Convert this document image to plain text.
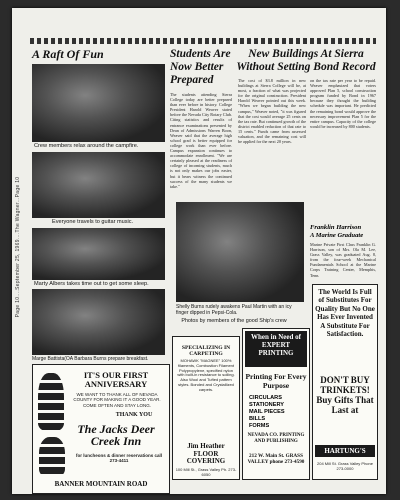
Page 10....September 25, 1969....The Wagner...Page 10
A Raft Of Fun
Crew members relax around the campfire.
Everyone travels to guitar music.
Marty Albers takes time out to get some sleep.
Marge Battista(OA Barbara Burns prepare breakfast.
Students Are Now Better Prepared
The students attending Sierra College today are better prepared than ever before in history. College President Harold Weaver stated before the Nevada City Rotary Club. Citing statistics and results of entrance examinations presented by Dean of Admissions Warren Boon, Weaver said that the average high school grad is better equipped for college work than ever before. Campus expansion continues to accommodate enrollment. "We are certainly pleased at the readiness of college of incoming students, much is not only makes our jobs easier, but it bears witness the continued success of the many students we take."
New Buildings At Sierra Without Setting Bond Record
The cost of $3.8 million in new buildings at Sierra College will be, at most, a fraction of what was projected for the original construction. President Harold Weaver pointed out this week. "When we began building the new campus," Weaver noted, "it was figured that the cost would average 25 cents on the tax rate. But continued growth of the district enabled reduction of that rate to 15 cents." Funds came from assessed valuation, and the remaining cost will be applied for the next 20 years.
on the tax rate per year to be repaid. Weaver emphasized that voters approved Plan 5, school construction program funded by Bond in 1967 because they thought the building schedule was important. He predicted the remaining bond would approve the necessary improvement Plan 5 for the entire campus. Capacity of the college would be increased by 800 students.
Shelly Burns rudely awakens Paul Martin with an icy finger dipped in Pepsi-Cola.
Photos by members of the good Ship's crew
Franklin Harrison
A Marine Graduate
Marine Private First Class Franklin G. Harrison, son of Mrs. Ola M. Lee, Grass Valley, was graduated Aug. 8, from the four-week Mechanical Fundamentals School at the Marine Corps Training Center, Memphis, Tenn.
IT'S OUR FIRST ANNIVERSARY
WE WANT TO THANK ALL OF NEVADA COUNTY FOR MAKING IT A GOOD YEAR. COME OFTEN AND STAY LONG.
THANK YOU
The Jacks Deer Creek Inn
for luncheons & dinner reservations call 273-4411
BANNER MOUNTAIN ROAD
SPECIALIZING IN CARPETING
MOHAWK "MAGNEE" 100% filaments, Combustion Filament Polypropylene, specified nylon with built-in resistance to soiling. Also Wool and Tufted pattern styles. Bonded and Crystallized carpets.
Jim Heather FLOOR COVERING
100 Mill St., Grass Valley Ph. 273-6050
When in Need of EXPERT PRINTING
Printing For Every Purpose
CIRCULARS
STATIONERY
MAIL PIECES
BILLS
FORMS
NEVADA CO. PRINTING AND PUBLISHING
212 W. Main St. GRASS VALLEY phone 273-4590
The World Is Full of Substitutes For Quality But No One Has Ever Invented A Substitute For Satisfaction.
DON'T BUY TRINKETS! Buy Gifts That Last at
HARTUNG'S
204 Mill St. Grass Valley Phone 273-0000
